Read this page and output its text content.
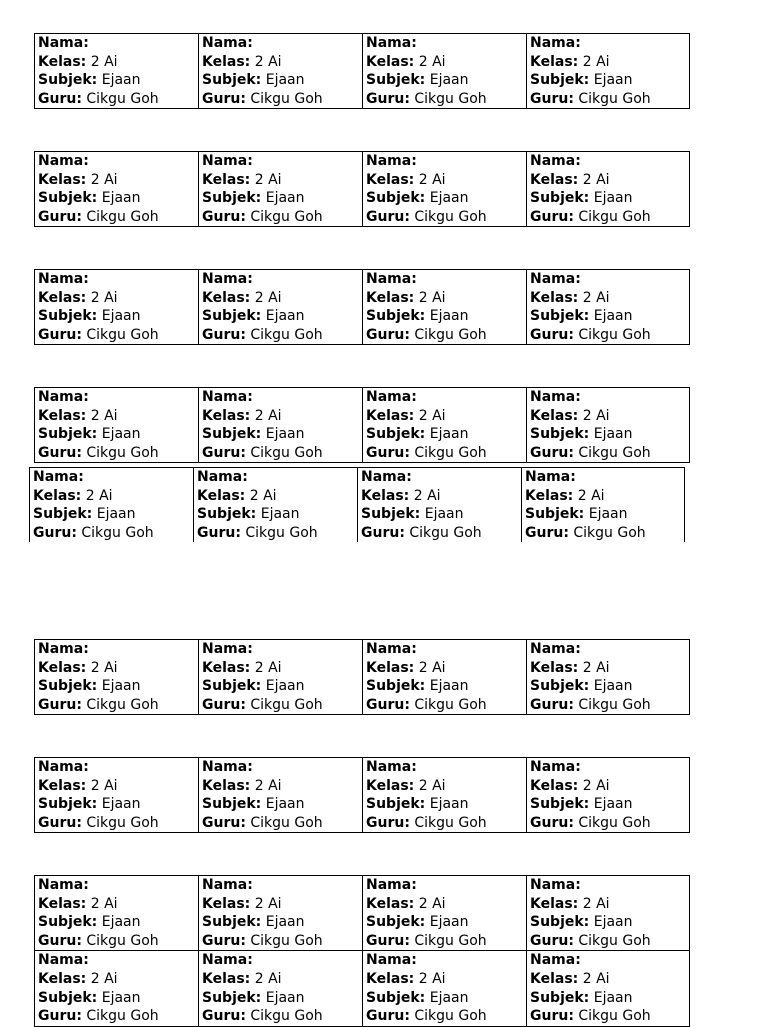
Nama:
Kelas: 2 Ai
Subjek: Ejaan
Guru: Cikgu Goh
Nama:
Kelas: 2 Ai
Subjek: Ejaan
Guru: Cikgu Goh
Nama:
Kelas: 2 Ai
Subjek: Ejaan
Guru: Cikgu Goh
Nama:
Kelas: 2 Ai
Subjek: Ejaan
Guru: Cikgu Goh
Nama:
Kelas: 2 Ai
Subjek: Ejaan
Guru: Cikgu Goh
Nama:
Kelas: 2 Ai
Subjek: Ejaan
Guru: Cikgu Goh
Nama:
Kelas: 2 Ai
Subjek: Ejaan
Guru: Cikgu Goh
Nama:
Kelas: 2 Ai
Subjek: Ejaan
Guru: Cikgu Goh
Nama:
Kelas: 2 Ai
Subjek: Ejaan
Guru: Cikgu Goh
Nama:
Kelas: 2 Ai
Subjek: Ejaan
Guru: Cikgu Goh
Nama:
Kelas: 2 Ai
Subjek: Ejaan
Guru: Cikgu Goh
Nama:
Kelas: 2 Ai
Subjek: Ejaan
Guru: Cikgu Goh
Nama:
Kelas: 2 Ai
Subjek: Ejaan
Guru: Cikgu Goh
Nama:
Kelas: 2 Ai
Subjek: Ejaan
Guru: Cikgu Goh
Nama:
Kelas: 2 Ai
Subjek: Ejaan
Guru: Cikgu Goh
Nama:
Kelas: 2 Ai
Subjek: Ejaan
Guru: Cikgu Goh
Nama:
Kelas: 2 Ai
Subjek: Ejaan
Guru: Cikgu Goh
Nama:
Kelas: 2 Ai
Subjek: Ejaan
Guru: Cikgu Goh
Nama:
Kelas: 2 Ai
Subjek: Ejaan
Guru: Cikgu Goh
Nama:
Kelas: 2 Ai
Subjek: Ejaan
Guru: Cikgu Goh
Nama:
Kelas: 2 Ai
Subjek: Ejaan
Guru: Cikgu Goh
Nama:
Kelas: 2 Ai
Subjek: Ejaan
Guru: Cikgu Goh
Nama:
Kelas: 2 Ai
Subjek: Ejaan
Guru: Cikgu Goh
Nama:
Kelas: 2 Ai
Subjek: Ejaan
Guru: Cikgu Goh
Nama:
Kelas: 2 Ai
Subjek: Ejaan
Guru: Cikgu Goh
Nama:
Kelas: 2 Ai
Subjek: Ejaan
Guru: Cikgu Goh
Nama:
Kelas: 2 Ai
Subjek: Ejaan
Guru: Cikgu Goh
Nama:
Kelas: 2 Ai
Subjek: Ejaan
Guru: Cikgu Goh
Nama:
Kelas: 2 Ai
Subjek: Ejaan
Guru: Cikgu Goh
Nama:
Kelas: 2 Ai
Subjek: Ejaan
Guru: Cikgu Goh
Nama:
Kelas: 2 Ai
Subjek: Ejaan
Guru: Cikgu Goh
Nama:
Kelas: 2 Ai
Subjek: Ejaan
Guru: Cikgu Goh
Nama:
Kelas: 2 Ai
Subjek: Ejaan
Guru: Cikgu Goh
Nama:
Kelas: 2 Ai
Subjek: Ejaan
Guru: Cikgu Goh
Nama:
Kelas: 2 Ai
Subjek: Ejaan
Guru: Cikgu Goh
Nama:
Kelas: 2 Ai
Subjek: Ejaan
Guru: Cikgu Goh
